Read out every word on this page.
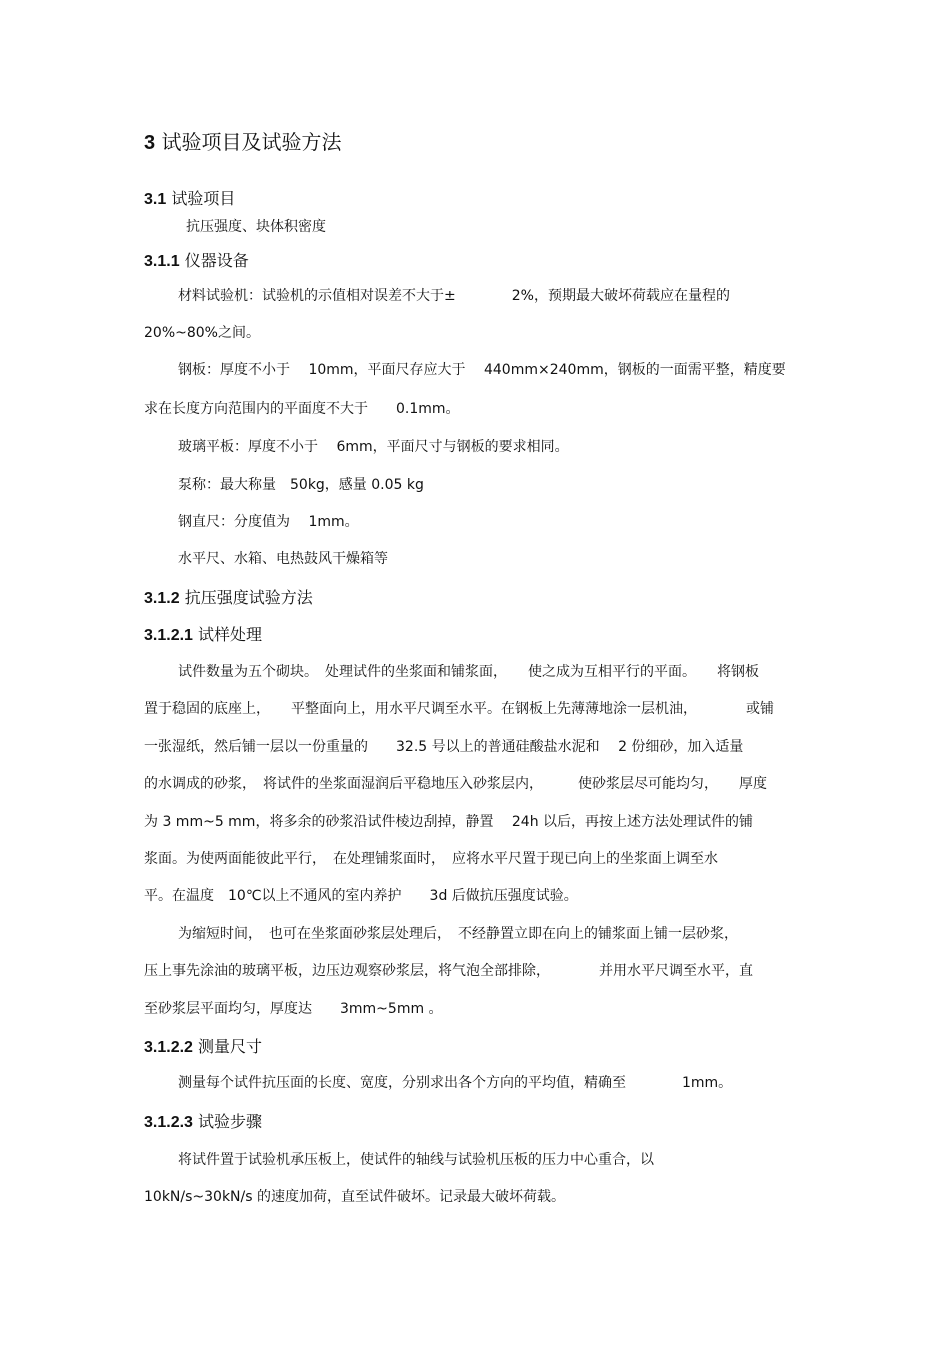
3 试验项目及试验方法
3.1 试验项目
抗压强度、块体积密度
3.1.1 仪器设备
材料试验机：试验机的示值相对误差不大于±　　　　2%，预期最大破坏荷载应在量程的
20%~80%之间。
钢板：厚度不小于　 10mm，平面尺存应大于　 440mm×240mm，钢板的一面需平整，精度要
求在长度方向范围内的平面度不大于　　0.1mm。
玻璃平板：厚度不小于　 6mm，平面尺寸与钢板的要求相同。
泵称：最大称量　50kg，感量 0.05 kg
钢直尺：分度值为　 1mm。
水平尺、水箱、电热鼓风干燥箱等
3.1.2 抗压强度试验方法
3.1.2.1 试样处理
试件数量为五个砌块。　处理试件的坐浆面和铺浆面，　　使之成为互相平行的平面。　　将钢板
置于稳固的底座上，　　平整面向上，用水平尺调至水平。在钢板上先薄薄地涂一层机油，　　　　或铺
一张湿纸，然后铺一层以一份重量的　　32.5 号以上的普通硅酸盐水泥和　 2 份细砂，加入适量
的水调成的砂浆，　将试件的坐浆面湿润后平稳地压入砂浆层内，　　　使砂浆层尽可能均匀，　　厚度
为 3 mm~5 mm，将多余的砂浆沿试件棱边刮掉，静置　 24h 以后，再按上述方法处理试件的铺
浆面。为使两面能彼此平行，　在处理铺浆面时，　应将水平尺置于现已向上的坐浆面上调至水
平。在温度　10℃以上不通风的室内养护　　3d 后做抗压强度试验。
为缩短时间，　也可在坐浆面砂浆层处理后，　不经静置立即在向上的铺浆面上铺一层砂浆，
压上事先涂油的玻璃平板，边压边观察砂浆层，将气泡全部排除，　　　　并用水平尺调至水平，直
至砂浆层平面均匀，厚度达　　3mm~5mm 。
3.1.2.2 测量尺寸
测量每个试件抗压面的长度、宽度，分别求出各个方向的平均值，精确至　　　　1mm。
3.1.2.3 试验步骤
将试件置于试验机承压板上，使试件的轴线与试验机压板的压力中心重合，以
10kN/s~30kN/s 的速度加荷，直至试件破坏。记录最大破坏荷载。
